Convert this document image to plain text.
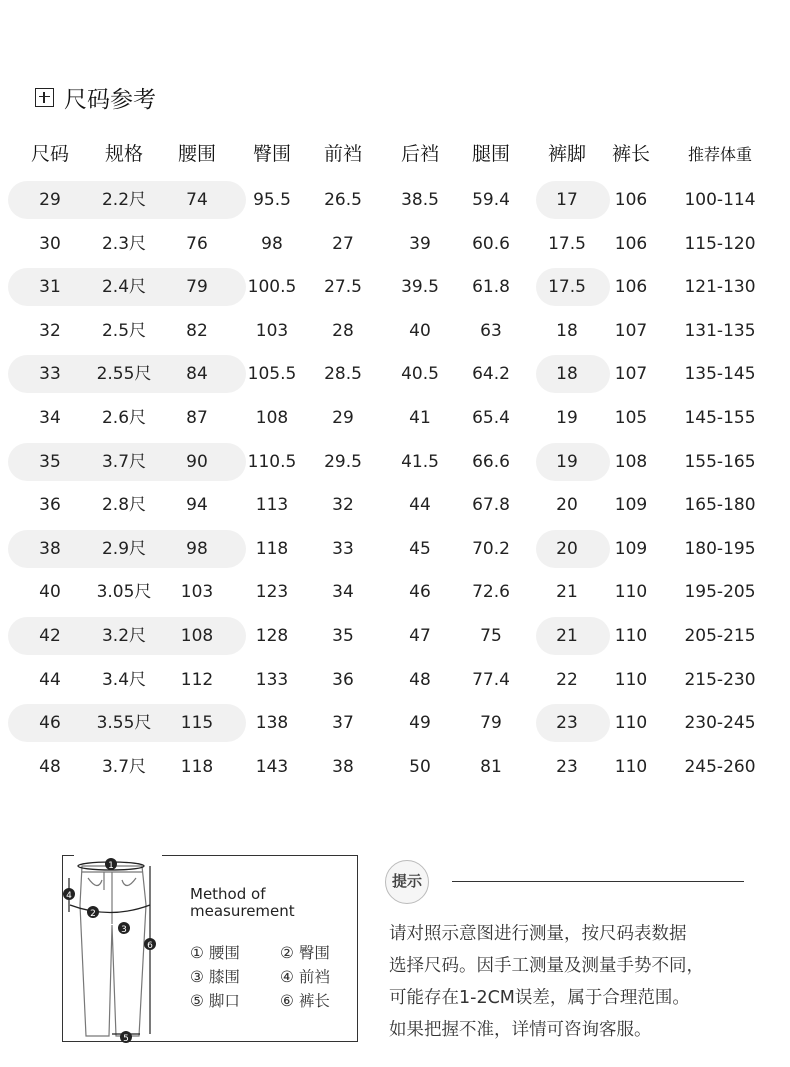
尺码参考
尺码	规格	腰围	臀围	前裆	后裆	腿围	裤脚	裤长	推荐体重
29	2.2尺	74	95.5	26.5	38.5	59.4	17	106	100-114
30	2.3尺	76	98	27	39	60.6	17.5	106	115-120
31	2.4尺	79	100.5	27.5	39.5	61.8	17.5	106	121-130
32	2.5尺	82	103	28	40	63	18	107	131-135
33	2.55尺	84	105.5	28.5	40.5	64.2	18	107	135-145
34	2.6尺	87	108	29	41	65.4	19	105	145-155
35	3.7尺	90	110.5	29.5	41.5	66.6	19	108	155-165
36	2.8尺	94	113	32	44	67.8	20	109	165-180
38	2.9尺	98	118	33	45	70.2	20	109	180-195
40	3.05尺	103	123	34	46	72.6	21	110	195-205
42	3.2尺	108	128	35	47	75	21	110	205-215
44	3.4尺	112	133	36	48	77.4	22	110	215-230
46	3.55尺	115	138	37	49	79	23	110	230-245
48	3.7尺	118	143	38	50	81	23	110	245-260
1
2
3
4
5
6
Method of
measurement
① 腰围	② 臀围
③ 膝围	④ 前裆
⑤ 脚口	⑥ 裤长
提示
请对照示意图进行测量，按尺码表数据
选择尺码。因手工测量及测量手势不同，
可能存在1-2CM误差，属于合理范围。
如果把握不准，详情可咨询客服。
